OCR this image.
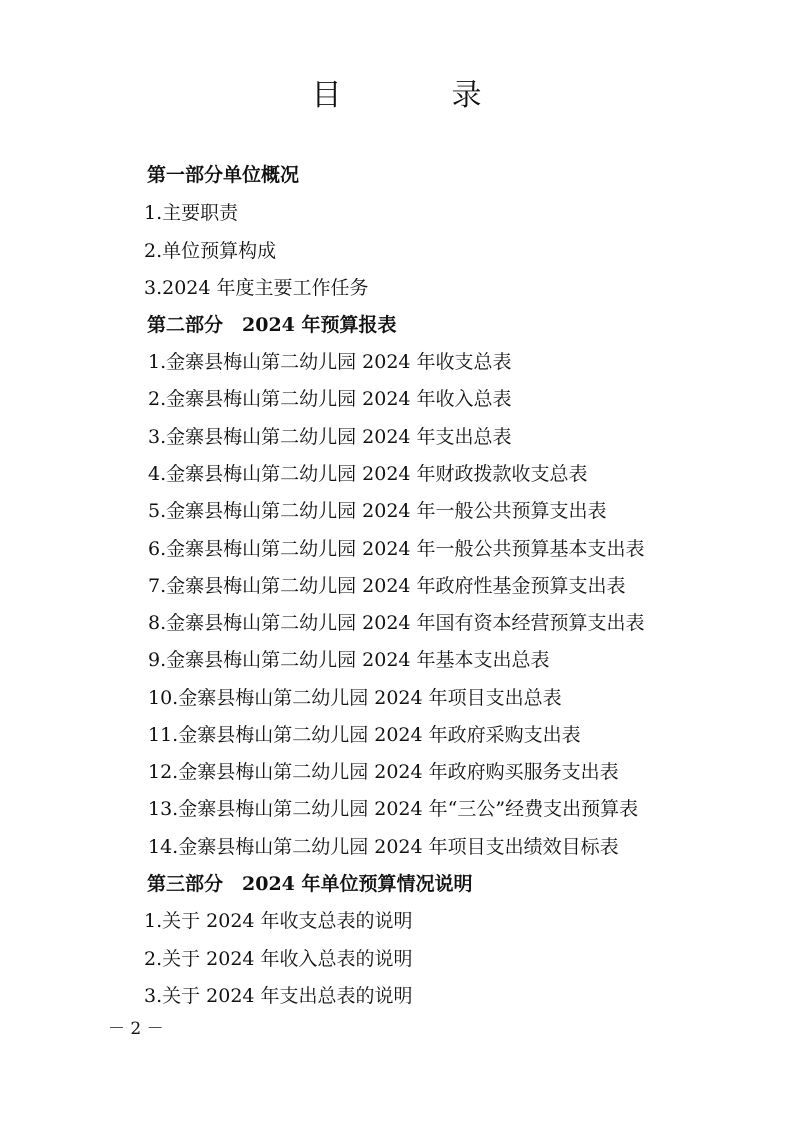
目　录
第一部分单位概况
1.主要职责
2.单位预算构成
3.2024 年度主要工作任务
第二部分　2024 年预算报表
1.金寨县梅山第二幼儿园 2024 年收支总表
2.金寨县梅山第二幼儿园 2024 年收入总表
3.金寨县梅山第二幼儿园 2024 年支出总表
4.金寨县梅山第二幼儿园 2024 年财政拨款收支总表
5.金寨县梅山第二幼儿园 2024 年一般公共预算支出表
6.金寨县梅山第二幼儿园 2024 年一般公共预算基本支出表
7.金寨县梅山第二幼儿园 2024 年政府性基金预算支出表
8.金寨县梅山第二幼儿园 2024 年国有资本经营预算支出表
9.金寨县梅山第二幼儿园 2024 年基本支出总表
10.金寨县梅山第二幼儿园 2024 年项目支出总表
11.金寨县梅山第二幼儿园 2024 年政府采购支出表
12.金寨县梅山第二幼儿园 2024 年政府购买服务支出表
13.金寨县梅山第二幼儿园 2024 年“三公”经费支出预算表
14.金寨县梅山第二幼儿园 2024 年项目支出绩效目标表
第三部分　2024 年单位预算情况说明
1.关于 2024 年收支总表的说明
2.关于 2024 年收入总表的说明
3.关于 2024 年支出总表的说明
－ 2 －
